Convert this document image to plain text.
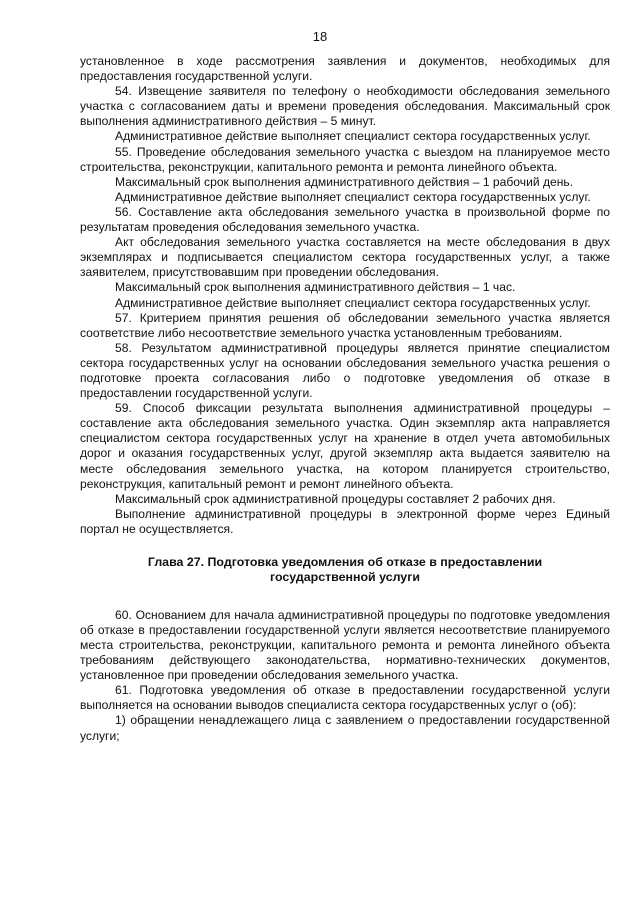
18

установленное в ходе рассмотрения заявления и документов, необходимых для предоставления государственной услуги.

54. Извещение заявителя по телефону о необходимости обследования земельного участка с согласованием даты и времени проведения обследования. Максимальный срок выполнения административного действия – 5 минут.

Административное действие выполняет специалист сектора государственных услуг.

55. Проведение обследования земельного участка с выездом на планируемое место строительства, реконструкции, капитального ремонта и ремонта линейного объекта.

Максимальный срок выполнения административного действия – 1 рабочий день.

Административное действие выполняет специалист сектора государственных услуг.

56. Составление акта обследования земельного участка в произвольной форме по результатам проведения обследования земельного участка.

Акт обследования земельного участка составляется на месте обследования в двух экземплярах и подписывается специалистом сектора государственных услуг, а также заявителем, присутствовавшим при проведении обследования.

Максимальный срок выполнения административного действия – 1 час.

Административное действие выполняет специалист сектора государственных услуг.

57. Критерием принятия решения об обследовании земельного участка является соответствие либо несоответствие земельного участка установленным требованиям.

58. Результатом административной процедуры является принятие специалистом сектора государственных услуг на основании обследования земельного участка решения о подготовке проекта согласования либо о подготовке уведомления об отказе в предоставлении государственной услуги.

59. Способ фиксации результата выполнения административной процедуры – составление акта обследования земельного участка. Один экземпляр акта направляется специалистом сектора государственных услуг на хранение в отдел учета автомобильных дорог и оказания государственных услуг, другой экземпляр акта выдается заявителю на месте обследования земельного участка, на котором планируется строительство, реконструкция, капитальный ремонт и ремонт линейного объекта.

Максимальный срок административной процедуры составляет 2 рабочих дня.

Выполнение административной процедуры в электронной форме через Единый портал не осуществляется.

Глава 27. Подготовка уведомления об отказе в предоставлении
государственной услуги

60. Основанием для начала административной процедуры по подготовке уведомления об отказе в предоставлении государственной услуги является несоответствие планируемого места строительства, реконструкции, капитального ремонта и ремонта линейного объекта требованиям действующего законодательства, нормативно-технических документов, установленное при проведении обследования земельного участка.

61. Подготовка уведомления об отказе в предоставлении государственной услуги выполняется на основании выводов специалиста сектора государственных услуг о (об):

1) обращении ненадлежащего лица с заявлением о предоставлении государственной услуги;
